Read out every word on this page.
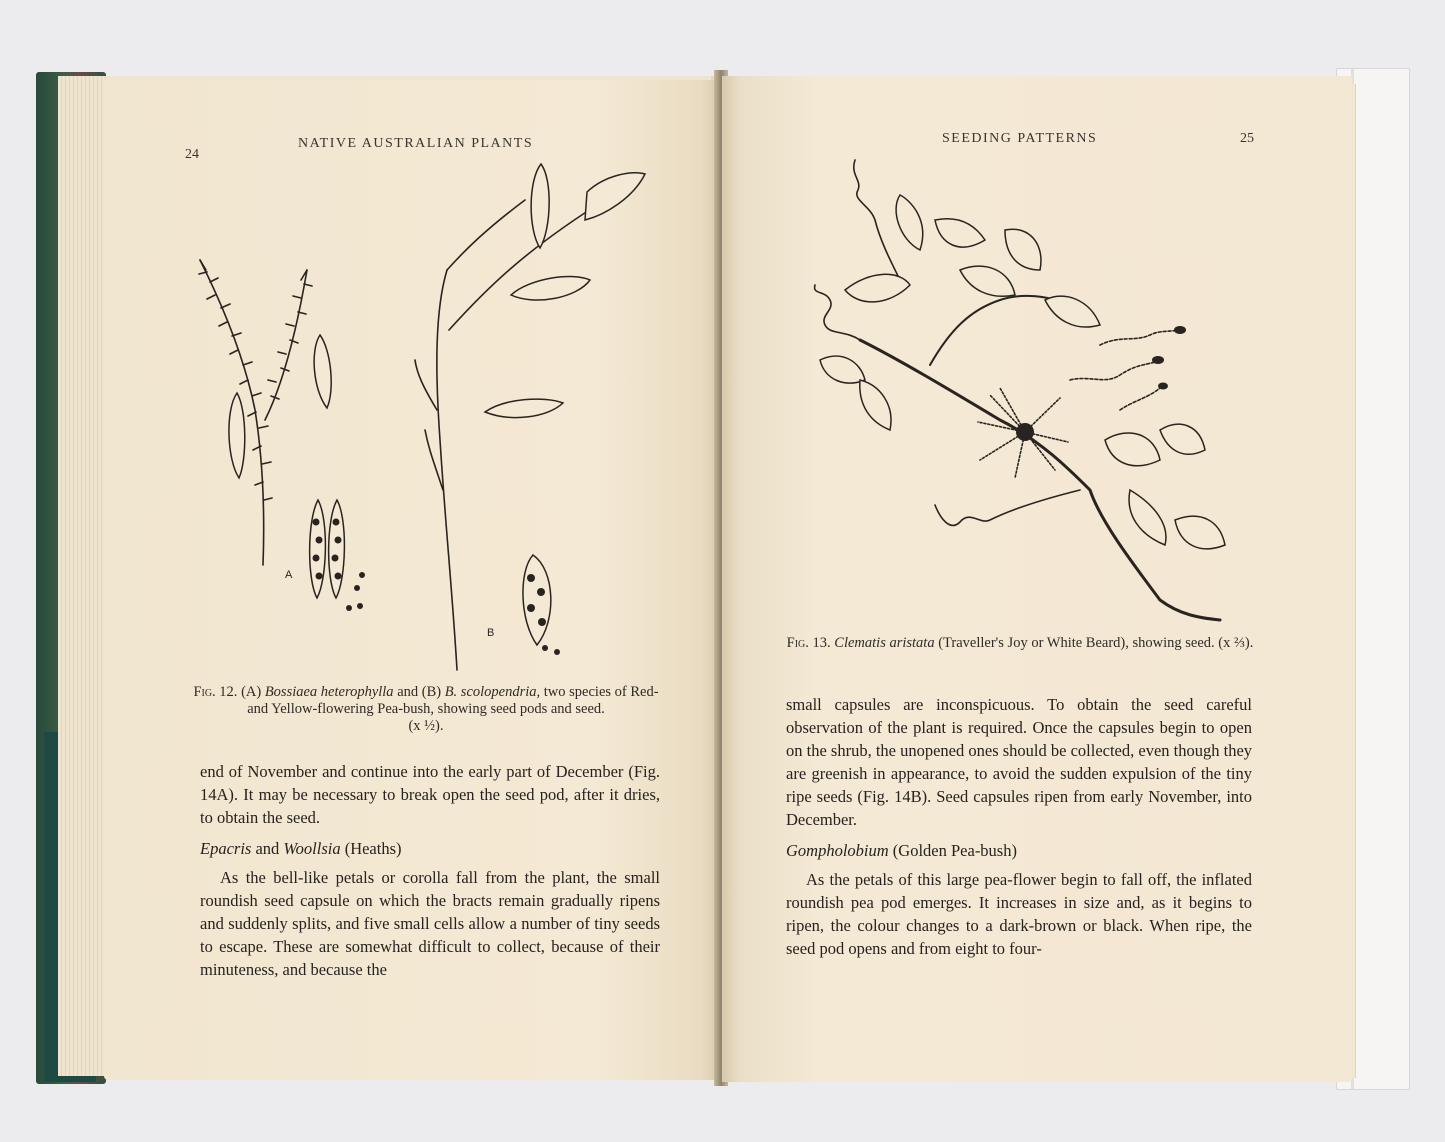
24
NATIVE AUSTRALIAN PLANTS
A
B
Fig. 12. (A) Bossiaea heterophylla and (B) B. scolopendria, two species of Red- and Yellow-flowering Pea-bush, showing seed pods and seed.
(x ½).

end of November and continue into the early part of December (Fig. 14A). It may be necessary to break open the seed pod, after it dries, to obtain the seed.

Epacris and Woollsia (Heaths)

As the bell-like petals or corolla fall from the plant, the small roundish seed capsule on which the bracts remain gradually ripens and suddenly splits, and five small cells allow a number of tiny seeds to escape. These are somewhat difficult to collect, because of their minuteness, and because the

SEEDING PATTERNS	25
Fig. 13. Clematis aristata (Traveller's Joy or White Beard), showing seed. (x ⅔).

small capsules are inconspicuous. To obtain the seed careful observation of the plant is required. Once the capsules begin to open on the shrub, the unopened ones should be collected, even though they are greenish in appearance, to avoid the sudden expulsion of the tiny ripe seeds (Fig. 14B). Seed capsules ripen from early November, into December.

Gompholobium (Golden Pea-bush)

As the petals of this large pea-flower begin to fall off, the inflated roundish pea pod emerges. It increases in size and, as it begins to ripen, the colour changes to a dark-brown or black. When ripe, the seed pod opens and from eight to four-
